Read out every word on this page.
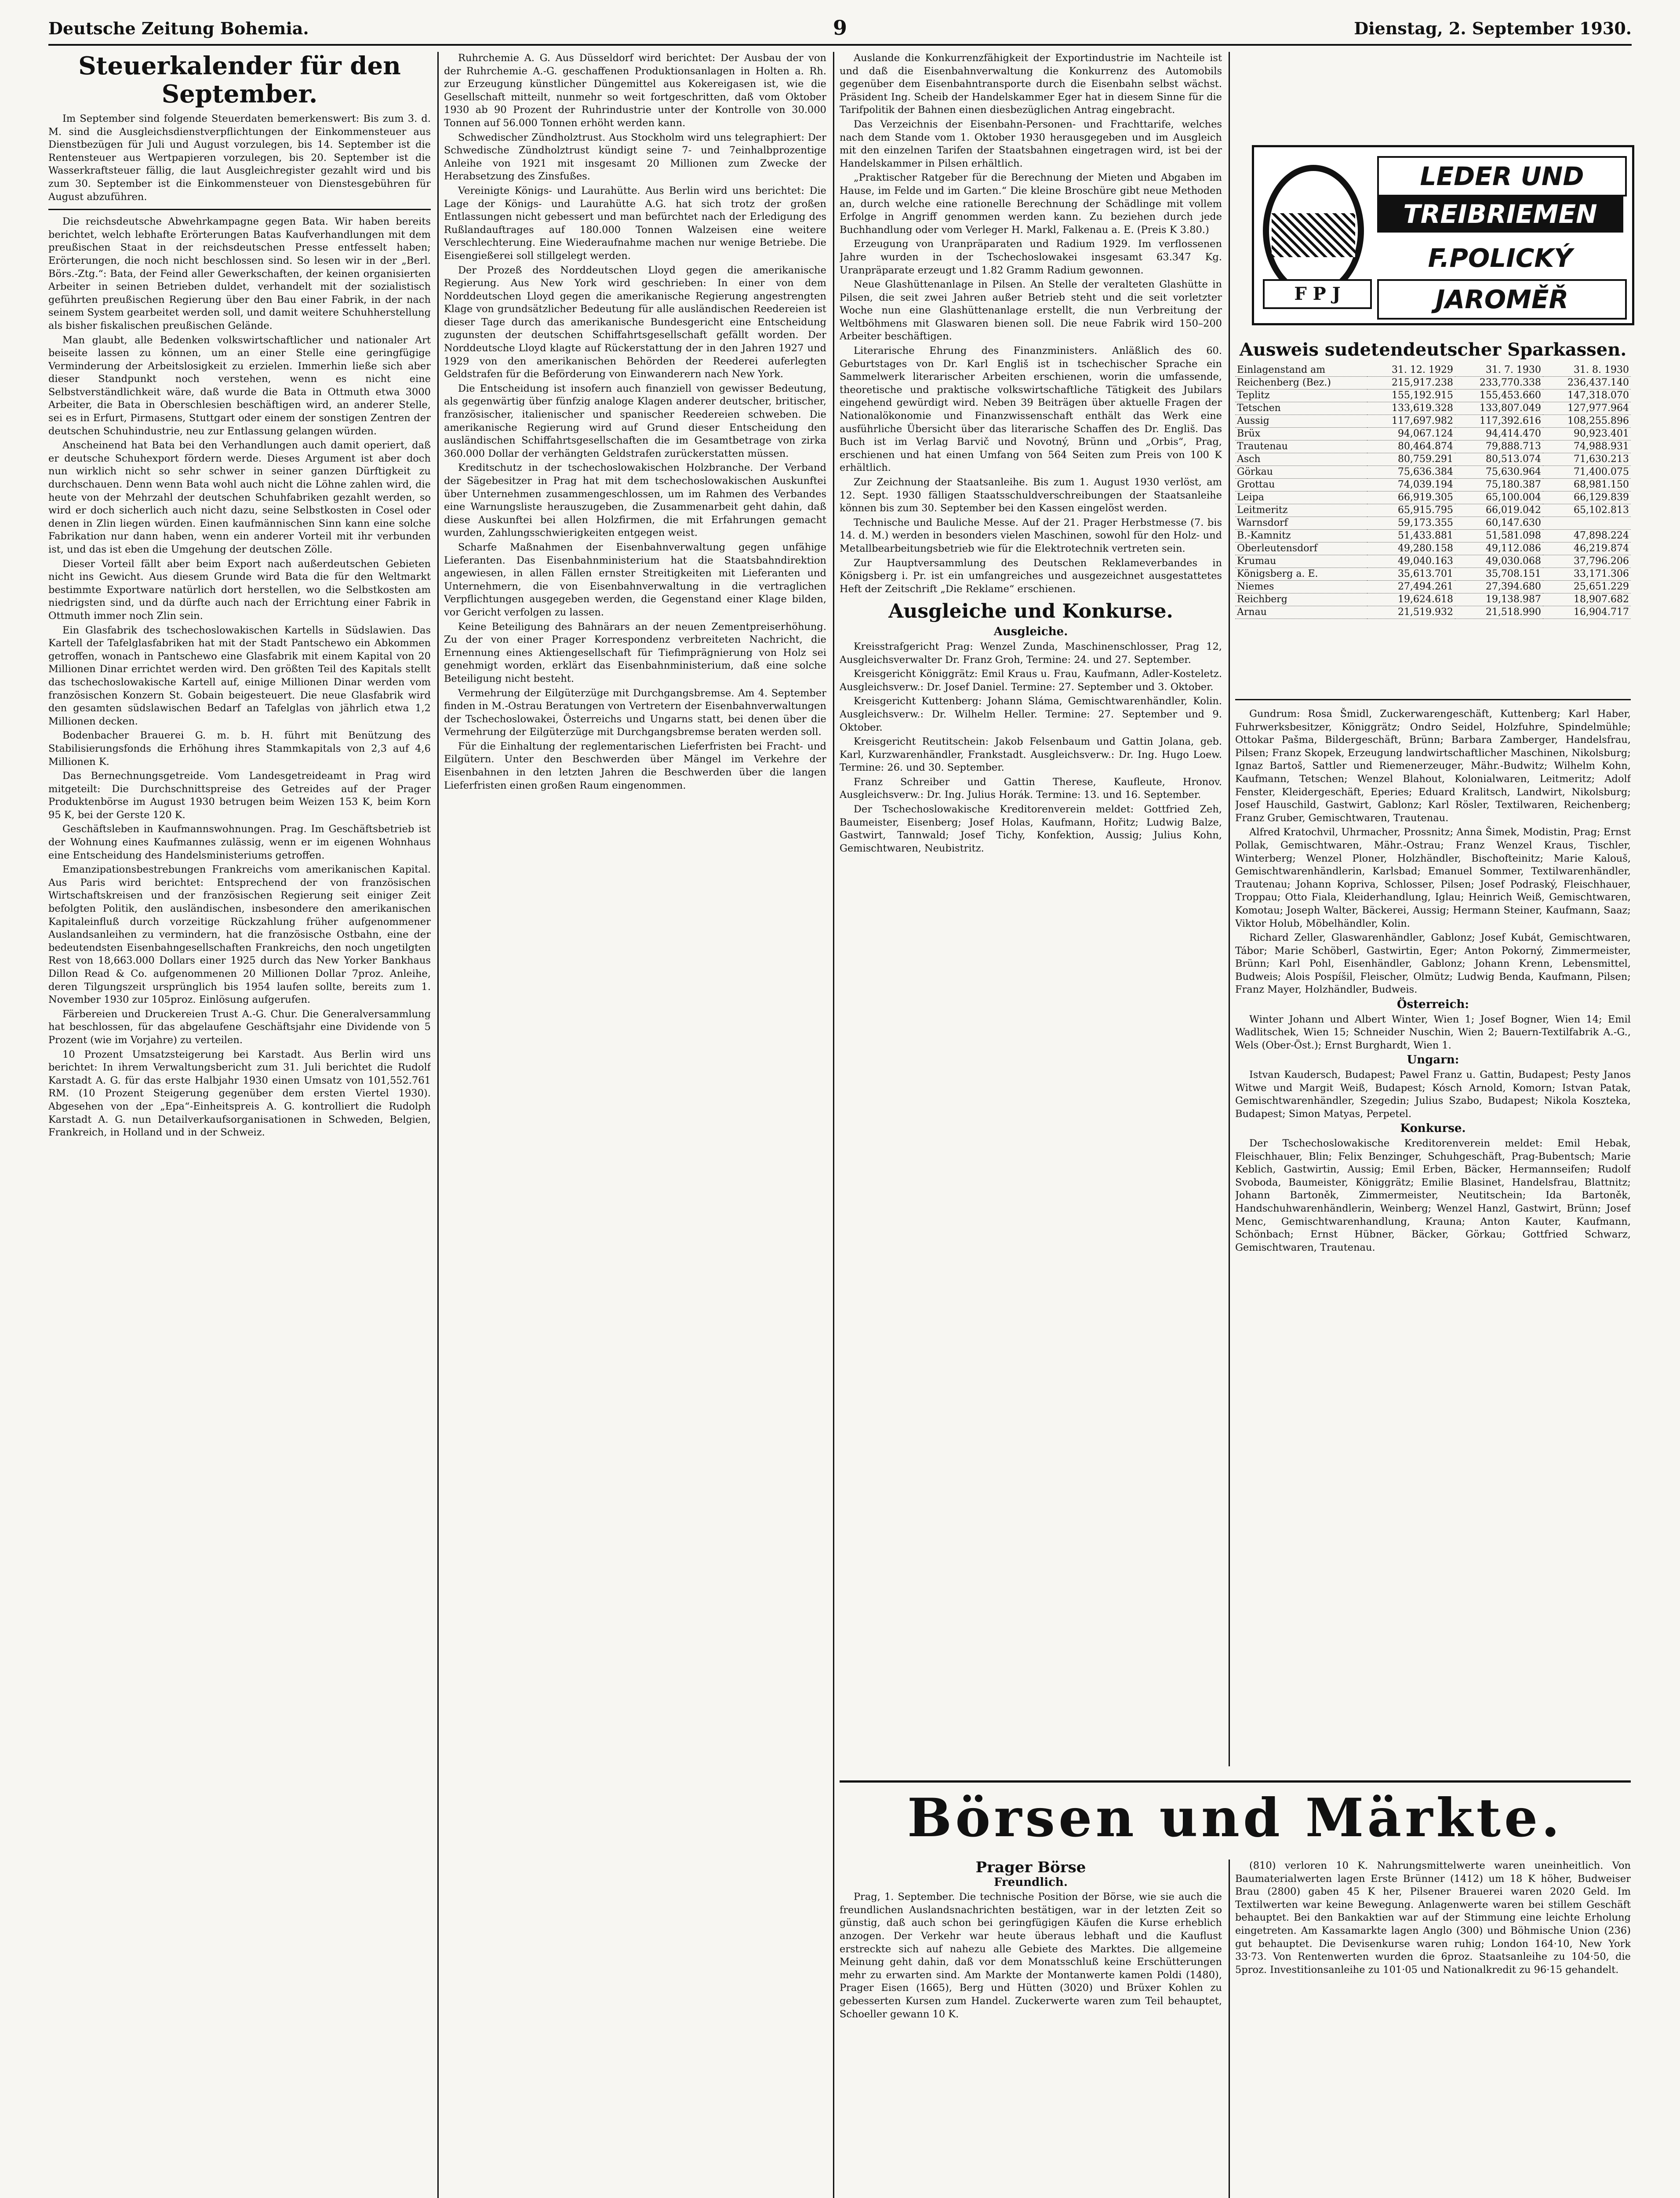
Deutsche Zeitung Bohemia.	9	Dienstag, 2. September 1930.
Steuerkalender für den September.

Im September sind folgende Steuerdaten bemerkenswert: Bis zum 3. d. M. sind die Ausgleichsdienstverpflichtungen der Einkommensteuer aus Dienstbezügen für Juli und August vorzulegen, bis 14. September ist die Rentensteuer aus Wertpapieren vorzulegen, bis 20. September ist die Wasserkraftsteuer fällig, die laut Ausgleichregister gezahlt wird und bis zum 30. September ist die Einkommensteuer von Dienstesgebühren für August abzuführen.

Die reichsdeutsche Abwehrkampagne gegen Bata. Wir haben bereits berichtet, welch lebhafte Erörterungen Batas Kaufverhandlungen mit dem preußischen Staat in der reichsdeutschen Presse entfesselt haben; Erörterungen, die noch nicht beschlossen sind. So lesen wir in der „Berl. Börs.-Ztg.“: Bata, der Feind aller Gewerkschaften, der keinen organisierten Arbeiter in seinen Betrieben duldet, verhandelt mit der sozialistisch geführten preußischen Regierung über den Bau einer Fabrik, in der nach seinem System gearbeitet werden soll, und damit weitere Schuhherstellung als bisher fiskalischen preußischen Gelände.

Man glaubt, alle Bedenken volkswirtschaftlicher und nationaler Art beiseite lassen zu können, um an einer Stelle eine geringfügige Verminderung der Arbeitslosigkeit zu erzielen. Immerhin ließe sich aber dieser Standpunkt noch verstehen, wenn es nicht eine Selbstverständlichkeit wäre, daß wurde die Bata in Ottmuth etwa 3000 Arbeiter, die Bata in Oberschlesien beschäftigen wird, an anderer Stelle, sei es in Erfurt, Pirmasens, Stuttgart oder einem der sonstigen Zentren der deutschen Schuhindustrie, neu zur Entlassung gelangen würden.

Anscheinend hat Bata bei den Verhandlungen auch damit operiert, daß er deutsche Schuhexport fördern werde. Dieses Argument ist aber doch nun wirklich nicht so sehr schwer in seiner ganzen Dürftigkeit zu durchschauen. Denn wenn Bata wohl auch nicht die Löhne zahlen wird, die heute von der Mehrzahl der deutschen Schuhfabriken gezahlt werden, so wird er doch sicherlich auch nicht dazu, seine Selbstkosten in Cosel oder denen in Zlin liegen würden. Einen kaufmännischen Sinn kann eine solche Fabrikation nur dann haben, wenn ein anderer Vorteil mit ihr verbunden ist, und das ist eben die Umgehung der deutschen Zölle.

Dieser Vorteil fällt aber beim Export nach außerdeutschen Gebieten nicht ins Gewicht. Aus diesem Grunde wird Bata die für den Weltmarkt bestimmte Exportware natürlich dort herstellen, wo die Selbstkosten am niedrigsten sind, und da dürfte auch nach der Errichtung einer Fabrik in Ottmuth immer noch Zlin sein.

Ein Glasfabrik des tschechoslowakischen Kartells in Südslawien. Das Kartell der Tafelglasfabriken hat mit der Stadt Pantschewo ein Abkommen getroffen, wonach in Pantschewo eine Glasfabrik mit einem Kapital von 20 Millionen Dinar errichtet werden wird. Den größten Teil des Kapitals stellt das tschechoslowakische Kartell auf, einige Millionen Dinar werden vom französischen Konzern St. Gobain beigesteuert. Die neue Glasfabrik wird den gesamten südslawischen Bedarf an Tafelglas von jährlich etwa 1,2 Millionen decken.

Bodenbacher Brauerei G. m. b. H. führt mit Benützung des Stabilisierungsfonds die Erhöhung ihres Stammkapitals von 2,3 auf 4,6 Millionen K.

Das Bernechnungsgetreide. Vom Landesgetreideamt in Prag wird mitgeteilt: Die Durchschnittspreise des Getreides auf der Prager Produktenbörse im August 1930 betrugen beim Weizen 153 K, beim Korn 95 K, bei der Gerste 120 K.

Geschäftsleben in Kaufmannswohnungen. Prag. Im Geschäftsbetrieb ist der Wohnung eines Kaufmannes zulässig, wenn er im eigenen Wohnhaus eine Entscheidung des Handelsministeriums getroffen.

Emanzipationsbestrebungen Frankreichs vom amerikanischen Kapital. Aus Paris wird berichtet: Entsprechend der von französischen Wirtschaftskreisen und der französischen Regierung seit einiger Zeit befolgten Politik, den ausländischen, insbesondere den amerikanischen Kapitaleinfluß durch vorzeitige Rückzahlung früher aufgenommener Auslandsanleihen zu vermindern, hat die französische Ostbahn, eine der bedeutendsten Eisenbahngesellschaften Frankreichs, den noch ungetilgten Rest von 18,663.000 Dollars einer 1925 durch das New Yorker Bankhaus Dillon Read & Co. aufgenommenen 20 Millionen Dollar 7proz. Anleihe, deren Tilgungszeit ursprünglich bis 1954 laufen sollte, bereits zum 1. November 1930 zur 105proz. Einlösung aufgerufen.

Färbereien und Druckereien Trust A.-G. Chur. Die Generalversammlung hat beschlossen, für das abgelaufene Geschäftsjahr eine Dividende von 5 Prozent (wie im Vorjahre) zu verteilen.

10 Prozent Umsatzsteigerung bei Karstadt. Aus Berlin wird uns berichtet: In ihrem Verwaltungsbericht zum 31. Juli berichtet die Rudolf Karstadt A. G. für das erste Halbjahr 1930 einen Umsatz von 101,552.761 RM. (10 Prozent Steigerung gegenüber dem ersten Viertel 1930). Abgesehen von der „Epa“-Einheitspreis A. G. kontrolliert die Rudolph Karstadt A. G. nun Detailverkaufsorganisationen in Schweden, Belgien, Frankreich, in Holland und in der Schweiz.

Ruhrchemie A. G. Aus Düsseldorf wird berichtet: Der Ausbau der von der Ruhrchemie A.-G. geschaffenen Produktionsanlagen in Holten a. Rh. zur Erzeugung künstlicher Düngemittel aus Kokereigasen ist, wie die Gesellschaft mitteilt, nunmehr so weit fortgeschritten, daß vom Oktober 1930 ab 90 Prozent der Ruhrindustrie unter der Kontrolle von 30.000 Tonnen auf 56.000 Tonnen erhöht werden kann.

Schwedischer Zündholztrust. Aus Stockholm wird uns telegraphiert: Der Schwedische Zündholztrust kündigt seine 7- und 7einhalbprozentige Anleihe von 1921 mit insgesamt 20 Millionen zum Zwecke der Herabsetzung des Zinsfußes.

Vereinigte Königs- und Laurahütte. Aus Berlin wird uns berichtet: Die Lage der Königs- und Laurahütte A.G. hat sich trotz der großen Entlassungen nicht gebessert und man befürchtet nach der Erledigung des Rußlandauftrages auf 180.000 Tonnen Walzeisen eine weitere Verschlechterung. Eine Wiederaufnahme machen nur wenige Betriebe. Die Eisengießerei soll stillgelegt werden.

Der Prozeß des Norddeutschen Lloyd gegen die amerikanische Regierung. Aus New York wird geschrieben: In einer von dem Norddeutschen Lloyd gegen die amerikanische Regierung angestrengten Klage von grundsätzlicher Bedeutung für alle ausländischen Reedereien ist dieser Tage durch das amerikanische Bundesgericht eine Entscheidung zugunsten der deutschen Schiffahrtsgesellschaft gefällt worden. Der Norddeutsche Lloyd klagte auf Rückerstattung der in den Jahren 1927 und 1929 von den amerikanischen Behörden der Reederei auferlegten Geldstrafen für die Beförderung von Einwanderern nach New York.

Die Entscheidung ist insofern auch finanziell von gewisser Bedeutung, als gegenwärtig über fünfzig analoge Klagen anderer deutscher, britischer, französischer, italienischer und spanischer Reedereien schweben. Die amerikanische Regierung wird auf Grund dieser Entscheidung den ausländischen Schiffahrtsgesellschaften die im Gesamtbetrage von zirka 360.000 Dollar der verhängten Geldstrafen zurückerstatten müssen.

Kreditschutz in der tschechoslowakischen Holzbranche. Der Verband der Sägebesitzer in Prag hat mit dem tschechoslowakischen Auskunftei über Unternehmen zusammengeschlossen, um im Rahmen des Verbandes eine Warnungsliste herauszugeben, die Zusammenarbeit geht dahin, daß diese Auskunftei bei allen Holzfirmen, die mit Erfahrungen gemacht wurden, Zahlungsschwierigkeiten entgegen weist.

Scharfe Maßnahmen der Eisenbahnverwaltung gegen unfähige Lieferanten. Das Eisenbahnministerium hat die Staatsbahndirektion angewiesen, in allen Fällen ernster Streitigkeiten mit Lieferanten und Unternehmern, die von Eisenbahnverwaltung in die vertraglichen Verpflichtungen ausgegeben werden, die Gegenstand einer Klage bilden, vor Gericht verfolgen zu lassen.

Keine Beteiligung des Bahnärars an der neuen Zementpreiserhöhung. Zu der von einer Prager Korrespondenz verbreiteten Nachricht, die Ernennung eines Aktiengesellschaft für Tiefimprägnierung von Holz sei genehmigt worden, erklärt das Eisenbahnministerium, daß eine solche Beteiligung nicht besteht.

Vermehrung der Eilgüterzüge mit Durchgangsbremse. Am 4. September finden in M.-Ostrau Beratungen von Vertretern der Eisenbahnverwaltungen der Tschechoslowakei, Österreichs und Ungarns statt, bei denen über die Vermehrung der Eilgüterzüge mit Durchgangsbremse beraten werden soll.

Für die Einhaltung der reglementarischen Lieferfristen bei Fracht- und Eilgütern. Unter den Beschwerden über Mängel im Verkehre der Eisenbahnen in den letzten Jahren die Beschwerden über die langen Lieferfristen einen großen Raum eingenommen.

Auslande die Konkurrenzfähigkeit der Exportindustrie im Nachteile ist und daß die Eisenbahnverwaltung die Konkurrenz des Automobils gegenüber dem Eisenbahntransporte durch die Eisenbahn selbst wächst. Präsident Ing. Scheib der Handelskammer Eger hat in diesem Sinne für die Tarifpolitik der Bahnen einen diesbezüglichen Antrag eingebracht.

Das Verzeichnis der Eisenbahn-Personen- und Frachttarife, welches nach dem Stande vom 1. Oktober 1930 herausgegeben und im Ausgleich mit den einzelnen Tarifen der Staatsbahnen eingetragen wird, ist bei der Handelskammer in Pilsen erhältlich.

„Praktischer Ratgeber für die Berechnung der Mieten und Abgaben im Hause, im Felde und im Garten.“ Die kleine Broschüre gibt neue Methoden an, durch welche eine rationelle Berechnung der Schädlinge mit vollem Erfolge in Angriff genommen werden kann. Zu beziehen durch jede Buchhandlung oder vom Verleger H. Markl, Falkenau a. E. (Preis K 3.80.)

Erzeugung von Uranpräparaten und Radium 1929. Im verflossenen Jahre wurden in der Tschechoslowakei insgesamt 63.347 Kg. Uranpräparate erzeugt und 1.82 Gramm Radium gewonnen.

Neue Glashüttenanlage in Pilsen. An Stelle der veralteten Glashütte in Pilsen, die seit zwei Jahren außer Betrieb steht und die seit vorletzter Woche nun eine Glashüttenanlage erstellt, die nun Verbreitung der Weltböhmens mit Glaswaren bienen soll. Die neue Fabrik wird 150–200 Arbeiter beschäftigen.

Literarische Ehrung des Finanzministers. Anläßlich des 60. Geburtstages von Dr. Karl Engliš ist in tschechischer Sprache ein Sammelwerk literarischer Arbeiten erschienen, worin die umfassende, theoretische und praktische volkswirtschaftliche Tätigkeit des Jubilars eingehend gewürdigt wird. Neben 39 Beiträgen über aktuelle Fragen der Nationalökonomie und Finanzwissenschaft enthält das Werk eine ausführliche Übersicht über das literarische Schaffen des Dr. Engliš. Das Buch ist im Verlag Barvič und Novotný, Brünn und „Orbis“, Prag, erschienen und hat einen Umfang von 564 Seiten zum Preis von 100 K erhältlich.

Zur Zeichnung der Staatsanleihe. Bis zum 1. August 1930 verlöst, am 12. Sept. 1930 fälligen Staatsschuldverschreibungen der Staatsanleihe können bis zum 30. September bei den Kassen eingelöst werden.

Technische und Bauliche Messe. Auf der 21. Prager Herbstmesse (7. bis 14. d. M.) werden in besonders vielen Maschinen, sowohl für den Holz- und Metallbearbeitungsbetrieb wie für die Elektrotechnik vertreten sein.

Zur Hauptversammlung des Deutschen Reklameverbandes in Königsberg i. Pr. ist ein umfangreiches und ausgezeichnet ausgestattetes Heft der Zeitschrift „Die Reklame“ erschienen.

Ausgleiche und Konkurse.
Ausgleiche.

Kreisstrafgericht Prag: Wenzel Zunda, Maschinenschlosser, Prag 12, Ausgleichsverwalter Dr. Franz Groh, Termine: 24. und 27. September.

Kreisgericht Königgrätz: Emil Kraus u. Frau, Kaufmann, Adler-Kosteletz. Ausgleichsverw.: Dr. Josef Daniel. Termine: 27. September und 3. Oktober.

Kreisgericht Kuttenberg: Johann Sláma, Gemischtwarenhändler, Kolin. Ausgleichsverw.: Dr. Wilhelm Heller. Termine: 27. September und 9. Oktober.

Kreisgericht Reutitschein: Jakob Felsenbaum und Gattin Jolana, geb. Karl, Kurzwarenhändler, Frankstadt. Ausgleichsverw.: Dr. Ing. Hugo Loew. Termine: 26. und 30. September.

Franz Schreiber und Gattin Therese, Kaufleute, Hronov. Ausgleichsverw.: Dr. Ing. Julius Horák. Termine: 13. und 16. September.

Der Tschechoslowakische Kreditorenverein meldet: Gottfried Zeh, Baumeister, Eisenberg; Josef Holas, Kaufmann, Hořitz; Ludwig Balze, Gastwirt, Tannwald; Josef Tichy, Konfektion, Aussig; Julius Kohn, Gemischtwaren, Neubistritz.

LEDER UND
TREIBRIEMEN
F.POLICKÝ
JAROMĚŘ
F P J
Ausweis sudetendeutscher Sparkassen.
Einlagenstand am	31. 12. 1929	31. 7. 1930	31. 8. 1930
Reichenberg (Bez.)	215,917.238	233,770.338	236,437.140
Teplitz	155,192.915	155,453.660	147,318.070
Tetschen	133,619.328	133,807.049	127,977.964
Aussig	117,697.982	117,392.616	108,255.896
Brüx	94,067.124	94,414.470	90,923.401
Trautenau	80,464.874	79,888.713	74,988.931
Asch	80,759.291	80,513.074	71,630.213
Görkau	75,636.384	75,630.964	71,400.075
Grottau	74,039.194	75,180.387	68,981.150
Leipa	66,919.305	65,100.004	66,129.839
Leitmeritz	65,915.795	66,019.042	65,102.813
Warnsdorf	59,173.355	60,147.630	
B.-Kamnitz	51,433.881	51,581.098	47,898.224
Oberleutensdorf	49,280.158	49,112.086	46,219.874
Krumau	49,040.163	49,030.068	37,796.206
Königsberg a. E.	35,613.701	35,708.151	33,171.306
Niemes	27,494.261	27,394.680	25,651.229
Reichberg	19,624.618	19,138.987	18,907.682
Arnau	21,519.932	21,518.990	16,904.717

Gundrum: Rosa Šmidl, Zuckerwarengeschäft, Kuttenberg; Karl Haber, Fuhrwerksbesitzer, Königgrätz; Ondro Seidel, Holzfuhre, Spindelmühle; Ottokar Pašma, Bildergeschäft, Brünn; Barbara Zamberger, Handelsfrau, Pilsen; Franz Skopek, Erzeugung landwirtschaftlicher Maschinen, Nikolsburg; Ignaz Bartoš, Sattler und Riemenerzeuger, Mähr.-Budwitz; Wilhelm Kohn, Kaufmann, Tetschen; Wenzel Blahout, Kolonialwaren, Leitmeritz; Adolf Fenster, Kleidergeschäft, Eperies; Eduard Kralitsch, Landwirt, Nikolsburg; Josef Hauschild, Gastwirt, Gablonz; Karl Rösler, Textilwaren, Reichenberg; Franz Gruber, Gemischtwaren, Trautenau.

Alfred Kratochvil, Uhrmacher, Prossnitz; Anna Šimek, Modistin, Prag; Ernst Pollak, Gemischtwaren, Mähr.-Ostrau; Franz Wenzel Kraus, Tischler, Winterberg; Wenzel Ploner, Holzhändler, Bischofteinitz; Marie Kalouš, Gemischtwarenhändlerin, Karlsbad; Emanuel Sommer, Textilwarenhändler, Trautenau; Johann Kopriva, Schlosser, Pilsen; Josef Podraský, Fleischhauer, Troppau; Otto Fiala, Kleiderhandlung, Iglau; Heinrich Weiß, Gemischtwaren, Komotau; Joseph Walter, Bäckerei, Aussig; Hermann Steiner, Kaufmann, Saaz; Viktor Holub, Möbelhändler, Kolin.

Richard Zeller, Glaswarenhändler, Gablonz; Josef Kubát, Gemischtwaren, Tábor; Marie Schöberl, Gastwirtin, Eger; Anton Pokorný, Zimmermeister, Brünn; Karl Pohl, Eisenhändler, Gablonz; Johann Krenn, Lebensmittel, Budweis; Alois Pospíšil, Fleischer, Olmütz; Ludwig Benda, Kaufmann, Pilsen; Franz Mayer, Holzhändler, Budweis.

Österreich:

Winter Johann und Albert Winter, Wien 1; Josef Bogner, Wien 14; Emil Wadlitschek, Wien 15; Schneider Nuschin, Wien 2; Bauern-Textilfabrik A.-G., Wels (Ober-Öst.); Ernst Burghardt, Wien 1.

Ungarn:

Istvan Kaudersch, Budapest; Pawel Franz u. Gattin, Budapest; Pesty Janos Witwe und Margit Weiß, Budapest; Kósch Arnold, Komorn; Istvan Patak, Gemischtwarenhändler, Szegedin; Julius Szabo, Budapest; Nikola Koszteka, Budapest; Simon Matyas, Perpetel.

Konkurse.

Der Tschechoslowakische Kreditorenverein meldet: Emil Hebak, Fleischhauer, Blin; Felix Benzinger, Schuhgeschäft, Prag-Bubentsch; Marie Keblich, Gastwirtin, Aussig; Emil Erben, Bäcker, Hermannseifen; Rudolf Svoboda, Baumeister, Königgrätz; Emilie Blasinet, Handelsfrau, Blattnitz; Johann Bartoněk, Zimmermeister, Neutitschein; Ida Bartoněk, Handschuhwarenhändlerin, Weinberg; Wenzel Hanzl, Gastwirt, Brünn; Josef Menc, Gemischtwarenhandlung, Krauna; Anton Kauter, Kaufmann, Schönbach; Ernst Hübner, Bäcker, Görkau; Gottfried Schwarz, Gemischtwaren, Trautenau.

Börsen und Märkte.
Prager Börse
Freundlich.

Prag, 1. September. Die technische Position der Börse, wie sie auch die freundlichen Auslandsnachrichten bestätigen, war in der letzten Zeit so günstig, daß auch schon bei geringfügigen Käufen die Kurse erheblich anzogen. Der Verkehr war heute überaus lebhaft und die Kauflust erstreckte sich auf nahezu alle Gebiete des Marktes. Die allgemeine Meinung geht dahin, daß vor dem Monatsschluß keine Erschütterungen mehr zu erwarten sind. Am Markte der Montanwerte kamen Poldi (1480), Prager Eisen (1665), Berg und Hütten (3020) und Brüxer Kohlen zu gebesserten Kursen zum Handel. Zuckerwerte waren zum Teil behauptet, Schoeller gewann 10 K.

(810) verloren 10 K. Nahrungsmittelwerte waren uneinheitlich. Von Baumaterialwerten lagen Erste Brünner (1412) um 18 K höher, Budweiser Brau (2800) gaben 45 K her, Pilsener Brauerei waren 2020 Geld. Im Textilwerten war keine Bewegung. Anlagenwerte waren bei stillem Geschäft behauptet. Bei den Bankaktien war auf der Stimmung eine leichte Erholung eingetreten. Am Kassamarkte lagen Anglo (300) und Böhmische Union (236) gut behauptet. Die Devisenkurse waren ruhig; London 164·10, New York 33·73. Von Rentenwerten wurden die 6proz. Staatsanleihe zu 104·50, die 5proz. Investitionsanleihe zu 101·05 und Nationalkredit zu 96·15 gehandelt.
